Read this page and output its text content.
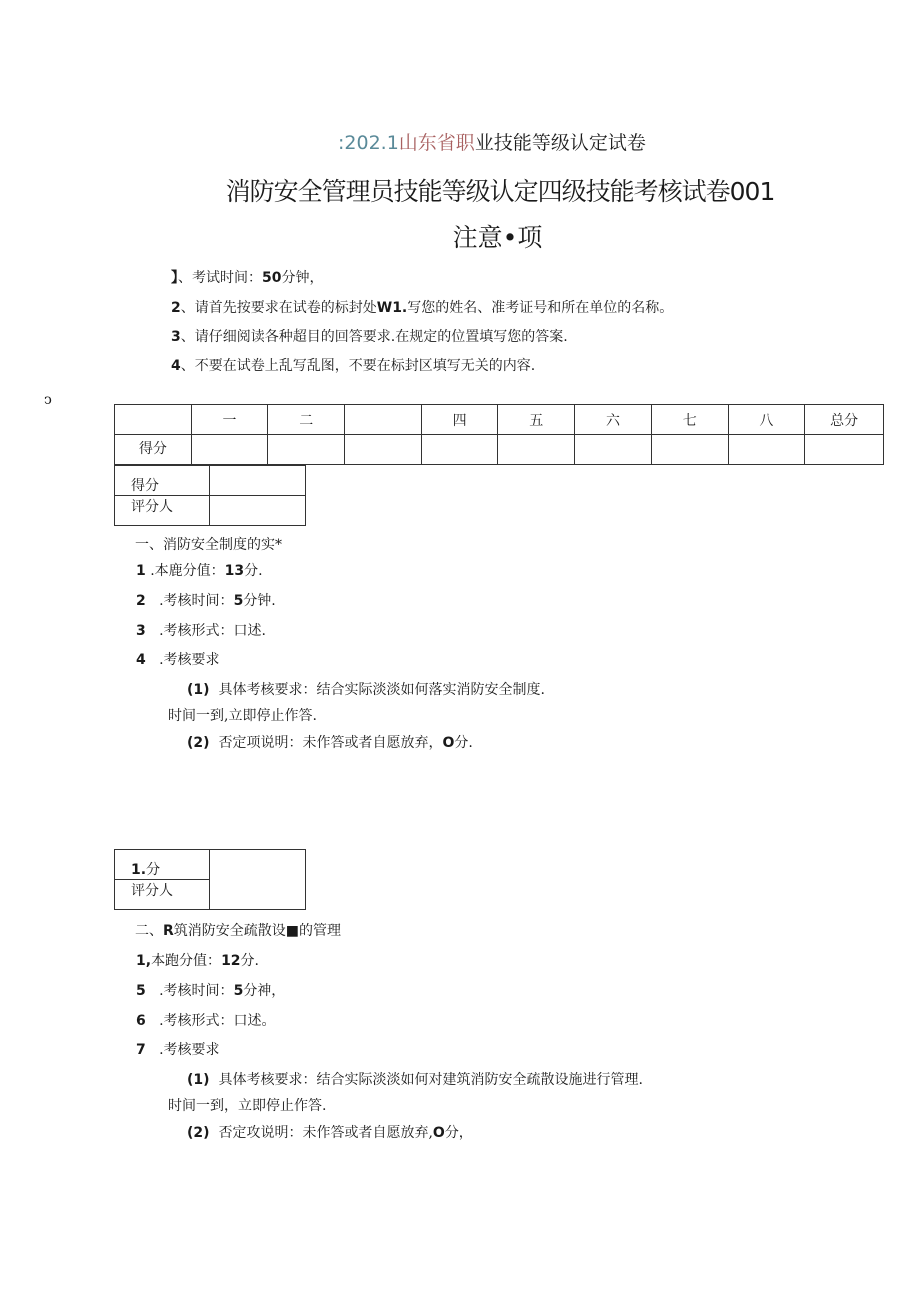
:202.1山东省职业技能等级认定试卷
消防安全管理员技能等级认定四级技能考核试卷001
注意•项
】、考试时间：50分钟，
2、请首先按要求在试卷的标封处W1.写您的姓名、准考证号和所在单位的名称。
3、请仔细阅读各种超目的回答要求.在规定的位置填写您的答案.
4、不要在试卷上乱写乱图，不要在标封区填写无关的内容.
ↄ
	一	二		四	五	六	七	八	总分
得分									
得分	
评分人	
一、消防安全制度的实*
1 .本鹿分值：13分.
2 .考核时间：5分钟.
3 .考核形式：口述.
4 .考核要求
(1) 具体考核要求：结合实际淡淡如何落实消防安全制度.
时间一到,立即停止作答.
(2) 否定项说明：未作答或者自愿放弃，O分.
1.分	
评分人
二、R筑消防安全疏散设■的管理
1,本跑分值：12分.
5 .考核时间：5分神，
6 .考核形式：口述。
7 .考核要求
(1) 具体考核要求：结合实际淡淡如何对建筑消防安全疏散设施进行管理.
时间一到，立即停止作答.
(2) 否定攻说明：未作答或者自愿放弃,O分，
